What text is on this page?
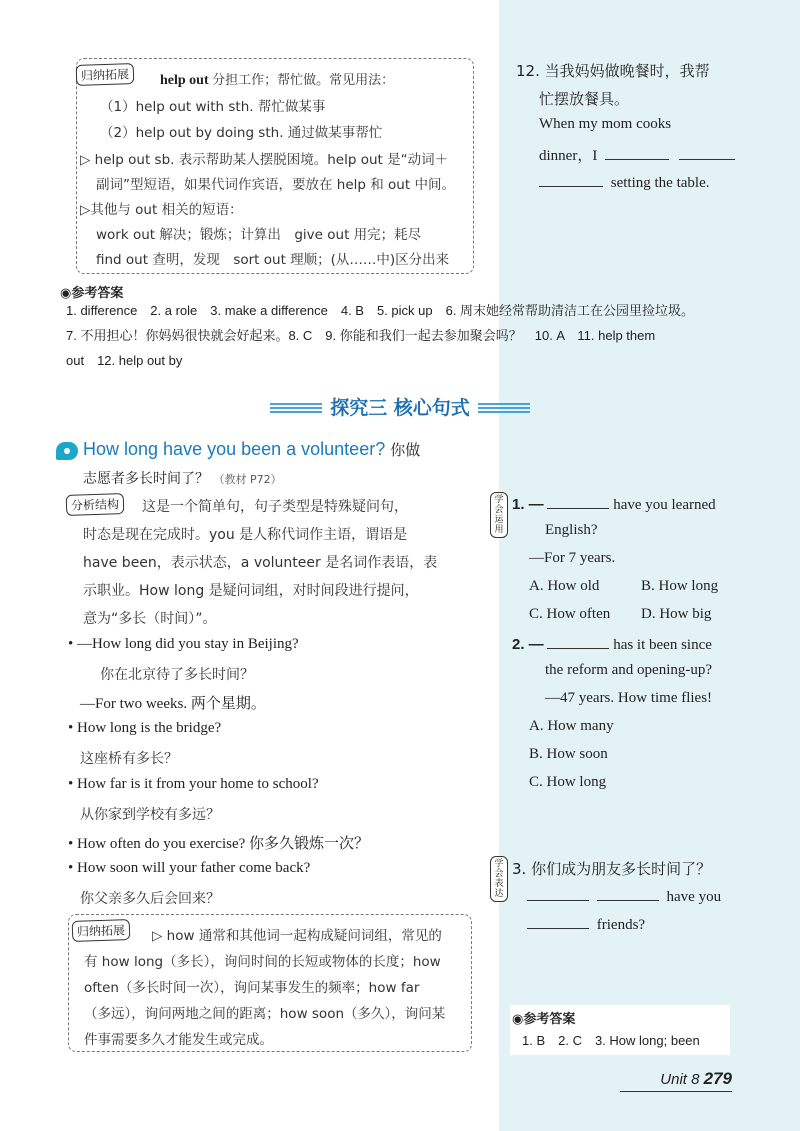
归纳拓展	help out 分担工作；帮忙做。常见用法：
（1）help out with sth. 帮忙做某事
（2）help out by doing sth. 通过做某事帮忙
▷ help out sb. 表示帮助某人摆脱困境。help out 是“动词＋
副词”型短语，如果代词作宾语，要放在 help 和 out 中间。
▷其他与 out 相关的短语：
work out 解决；锻炼；计算出　give out 用完；耗尽
find out 查明，发现　sort out 理顺；(从……中)区分出来
12. 当我妈妈做晚餐时，我帮
忙摆放餐具。
When my mom cooks
dinner，I
setting the table.
◉参考答案
1. difference　2. a role　3. make a difference　4. B　5. pick up　6. 周末她经常帮助清洁工在公园里捡垃圾。
7. 不用担心！你妈妈很快就会好起来。8. C　9. 你能和我们一起去参加聚会吗？　10. A　11. help them
out　12. help out by
探究三 核心句式
How long have you been a volunteer? 你做
志愿者多长时间了？ （教材 P72）
分析结构	这是一个简单句，句子类型是特殊疑问句，
时态是现在完成时。you 是人称代词作主语，谓语是
have been，表示状态，a volunteer 是名词作表语，表
示职业。How long 是疑问词组，对时间段进行提问，
意为“多长（时间）”。
• —How long did you stay in Beijing?
你在北京待了多长时间？
—For two weeks. 两个星期。
• How long is the bridge?
这座桥有多长？
• How far is it from your home to school?
从你家到学校有多远？
• How often do you exercise? 你多久锻炼一次？
• How soon will your father come back?
你父亲多久后会回来？
归纳拓展	▷ how 通常和其他词一起构成疑问词组，常见的
有 how long（多长），询问时间的长短或物体的长度；how
often（多长时间一次），询问某事发生的频率；how far
（多远），询问两地之间的距离；how soon（多久），询问某
件事需要多久才能发生或完成。
学会运用
1. —	have you learned
English?
—For 7 years.
A. How old	B. How long
C. How often D. How big
2. —	has it been since
the reform and opening-up?
—47 years. How time flies!
A. How many
B. How soon
C. How long
学会表达
3. 你们成为朋友多长时间了？
have you
friends?
◉参考答案
1. B　2. C　3. How long; been
Unit 8 279
